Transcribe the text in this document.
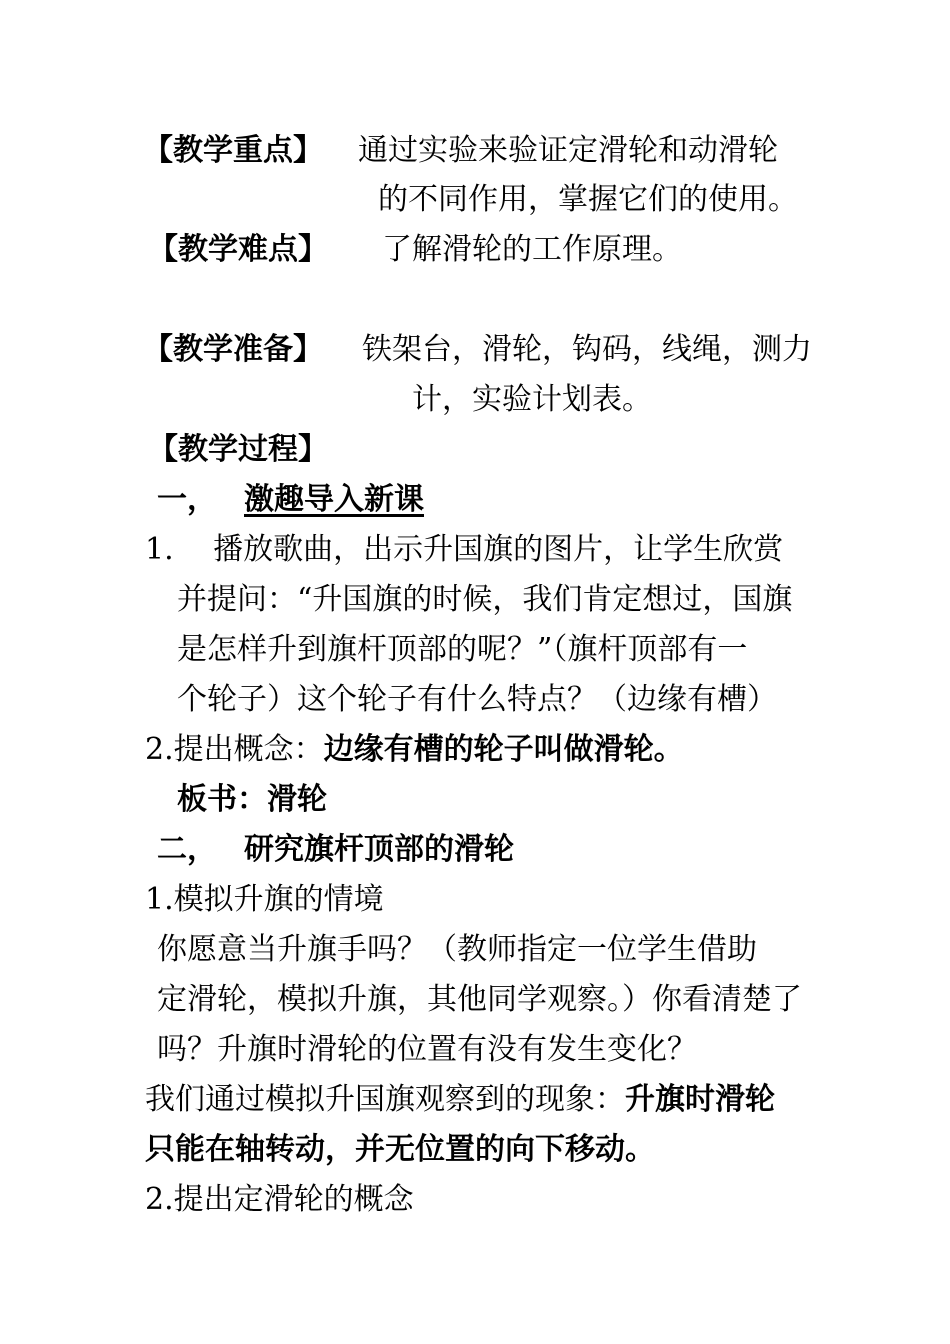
【教学重点】 通过实验来验证定滑轮和动滑轮
的不同作用，掌握它们的使用。
【教学难点】 了解滑轮的工作原理。
【教学准备】 铁架台，滑轮，钩码，线绳，测力
计，实验计划表。
【教学过程】
一， 激趣导入新课
1.　 播放歌曲，出示升国旗的图片，让学生欣赏
并提问：“升国旗的时候，我们肯定想过，国旗
是怎样升到旗杆顶部的呢？”（旗杆顶部有一
个轮子）这个轮子有什么特点？（边缘有槽）
2.提出概念：边缘有槽的轮子叫做滑轮。
板书：滑轮
二， 研究旗杆顶部的滑轮
1.模拟升旗的情境
你愿意当升旗手吗？（教师指定一位学生借助
定滑轮，模拟升旗，其他同学观察。）你看清楚了
吗？升旗时滑轮的位置有没有发生变化？
我们通过模拟升国旗观察到的现象：升旗时滑轮
只能在轴转动，并无位置的向下移动。
2.提出定滑轮的概念
